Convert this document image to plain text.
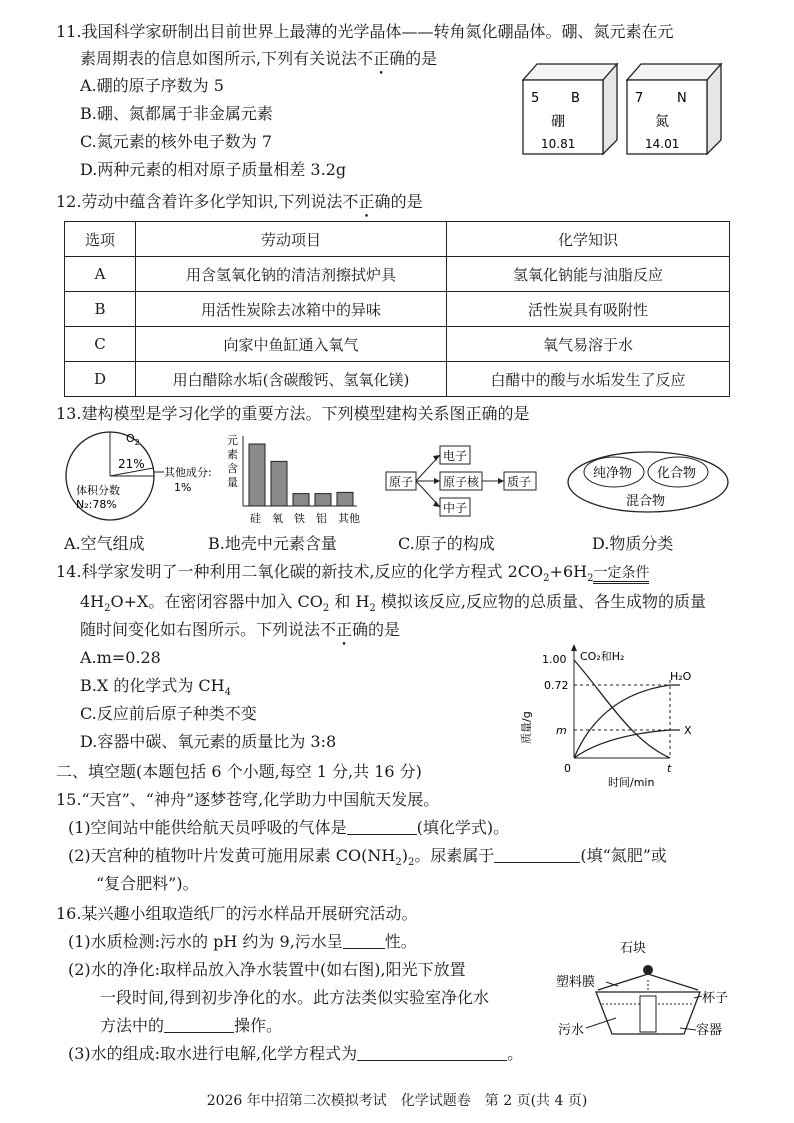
11.我国科学家研制出目前世界上最薄的光学晶体——转角氮化硼晶体。硼、氮元素在元
素周期表的信息如图所示,下列有关说法不正确的是
A.硼的原子序数为 5
B.硼、氮都属于非金属元素
C.氮元素的核外电子数为 7
D.两种元素的相对原子质量相差 3.2g
5 B
硼
10.81
7	N
氮
14.01
12.劳动中蕴含着许多化学知识,下列说法不正确的是
选项	劳动项目	化学知识
A	用含氢氧化钠的清洁剂擦拭炉具	氢氧化钠能与油脂反应
B	用活性炭除去冰箱中的异味	活性炭具有吸附性
C	向家中鱼缸通入氧气	氧气易溶于水
D	用白醋除水垢(含碳酸钙、氢氧化镁)	白醋中的酸与水垢发生了反应
13.建构模型是学习化学的重要方法。下列模型建构关系图正确的是
$O_2$
21%
其他成分:
1%
体积分数
N₂:78%
元
素
含
量
硅 氧 铁 铝 其他
原子
电子
原子核
中子
质子
纯净物 化合物
混合物
A.空气组成	B.地壳中元素含量	C.原子的构成	D.物质分类
14.科学家发明了一种利用二氧化碳的新技术,反应的化学方程式 $2CO_2+6H_2$一定条件
$4H_2O+X$。在密闭容器中加入 $CO_2$ 和 $H_2$ 模拟该反应,反应物的总质量、各生成物的质量
随时间变化如右图所示。下列说法不正确的是
A.m=0.28
B.X 的化学式为 $CH_4$
C.反应前后原子种类不变
D.容器中碳、氧元素的质量比为 3:8
1.00
0.72
m
0	t
CO₂和H₂
H₂O
X
质量/g
时间/min
二、填空题(本题包括 6 个小题,每空 1 分,共 16 分)
15.“天宫”、“神舟”逐梦苍穹,化学助力中国航天发展。
(1)空间站中能供给航天员呼吸的气体是	(填化学式)。
(2)天宫种的植物叶片发黄可施用尿素 $CO(NH_2)_2$。尿素属于	(填“氮肥”或
“复合肥料”)。
16.某兴趣小组取造纸厂的污水样品开展研究活动。
(1)水质检测:污水的 pH 约为 9,污水呈	性。
(2)水的净化:取样品放入净水装置中(如右图),阳光下放置
一段时间,得到初步净化的水。此方法类似实验室净化水
方法中的	操作。
(3)水的组成:取水进行电解,化学方程式为	。
石块
塑料膜
杯子
污水	容器
2026 年中招第二次模拟考试　化学试题卷　第 2 页(共 4 页)
